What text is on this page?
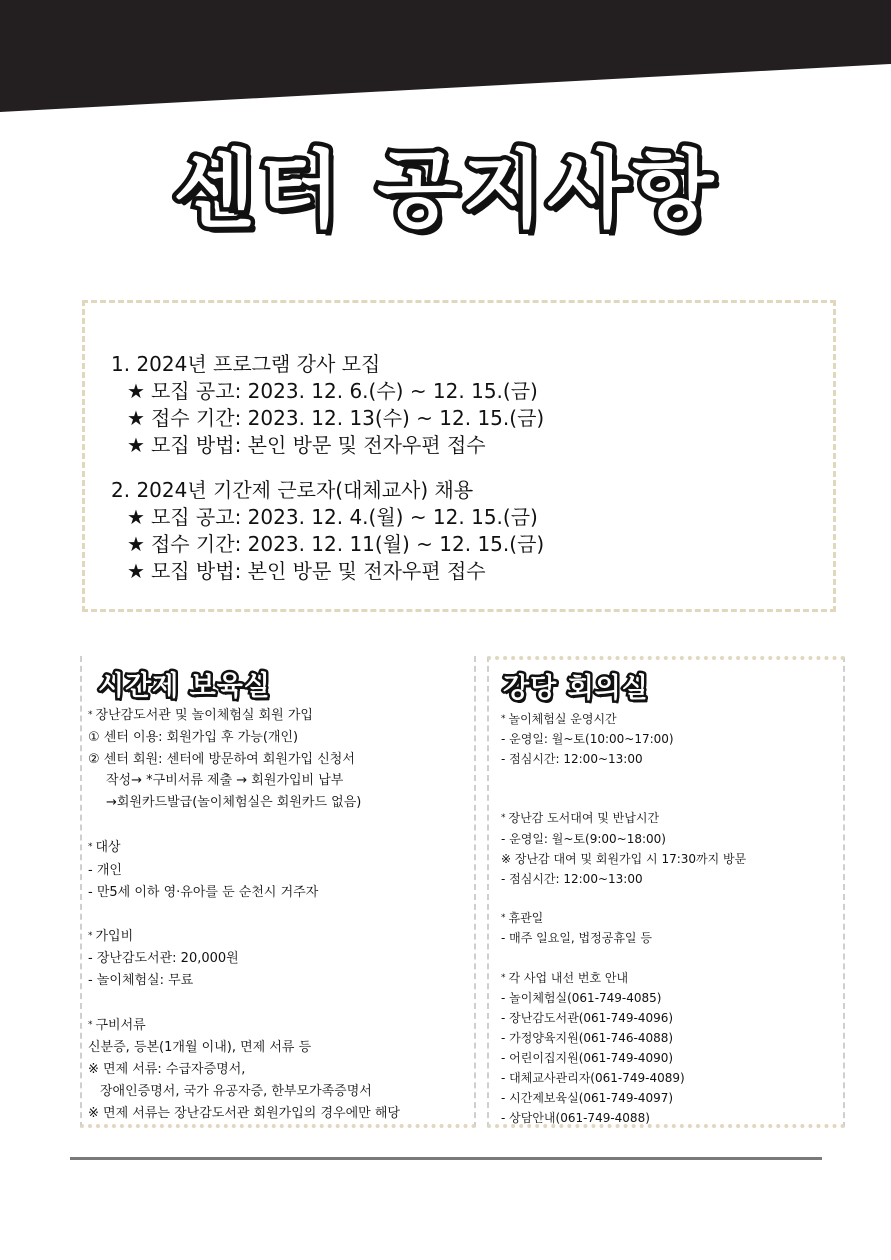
센터 공지사항
1. 2024년 프로그램 강사 모집
★ 모집 공고: 2023. 12. 6.(수) ~ 12. 15.(금)
★ 접수 기간: 2023. 12. 13(수) ~ 12. 15.(금)
★ 모집 방법: 본인 방문 및 전자우편 접수
2. 2024년 기간제 근로자(대체교사) 채용
★ 모집 공고: 2023. 12. 4.(월) ~ 12. 15.(금)
★ 접수 기간: 2023. 12. 11(월) ~ 12. 15.(금)
★ 모집 방법: 본인 방문 및 전자우편 접수
시간제 보육실
* 장난감도서관 및 놀이체험실 회원 가입
① 센터 이용: 회원가입 후 가능(개인)
② 센터 회원: 센터에 방문하여 회원가입 신청서
작성→ *구비서류 제출 → 회원가입비 납부
→회원카드발급(놀이체험실은 회원카드 없음)
* 대상
- 개인
- 만5세 이하 영·유아를 둔 순천시 거주자
* 가입비
- 장난감도서관: 20,000원
- 놀이체험실: 무료
* 구비서류
신분증, 등본(1개월 이내), 면제 서류 등
※ 면제 서류: 수급자증명서,
장애인증명서, 국가 유공자증, 한부모가족증명서
※ 면제 서류는 장난감도서관 회원가입의 경우에만 해당
강당 회의실
* 놀이체험실 운영시간
- 운영일: 월~토(10:00~17:00)
- 점심시간: 12:00~13:00
* 장난감 도서대여 및 반납시간
- 운영일: 월~토(9:00~18:00)
※ 장난감 대여 및 회원가입 시 17:30까지 방문
- 점심시간: 12:00~13:00
* 휴관일
- 매주 일요일, 법정공휴일 등
* 각 사업 내선 번호 안내
- 놀이체험실(061-749-4085)
- 장난감도서관(061-749-4096)
- 가정양육지원(061-746-4088)
- 어린이집지원(061-749-4090)
- 대체교사관리자(061-749-4089)
- 시간제보육실(061-749-4097)
- 상담안내(061-749-4088)
